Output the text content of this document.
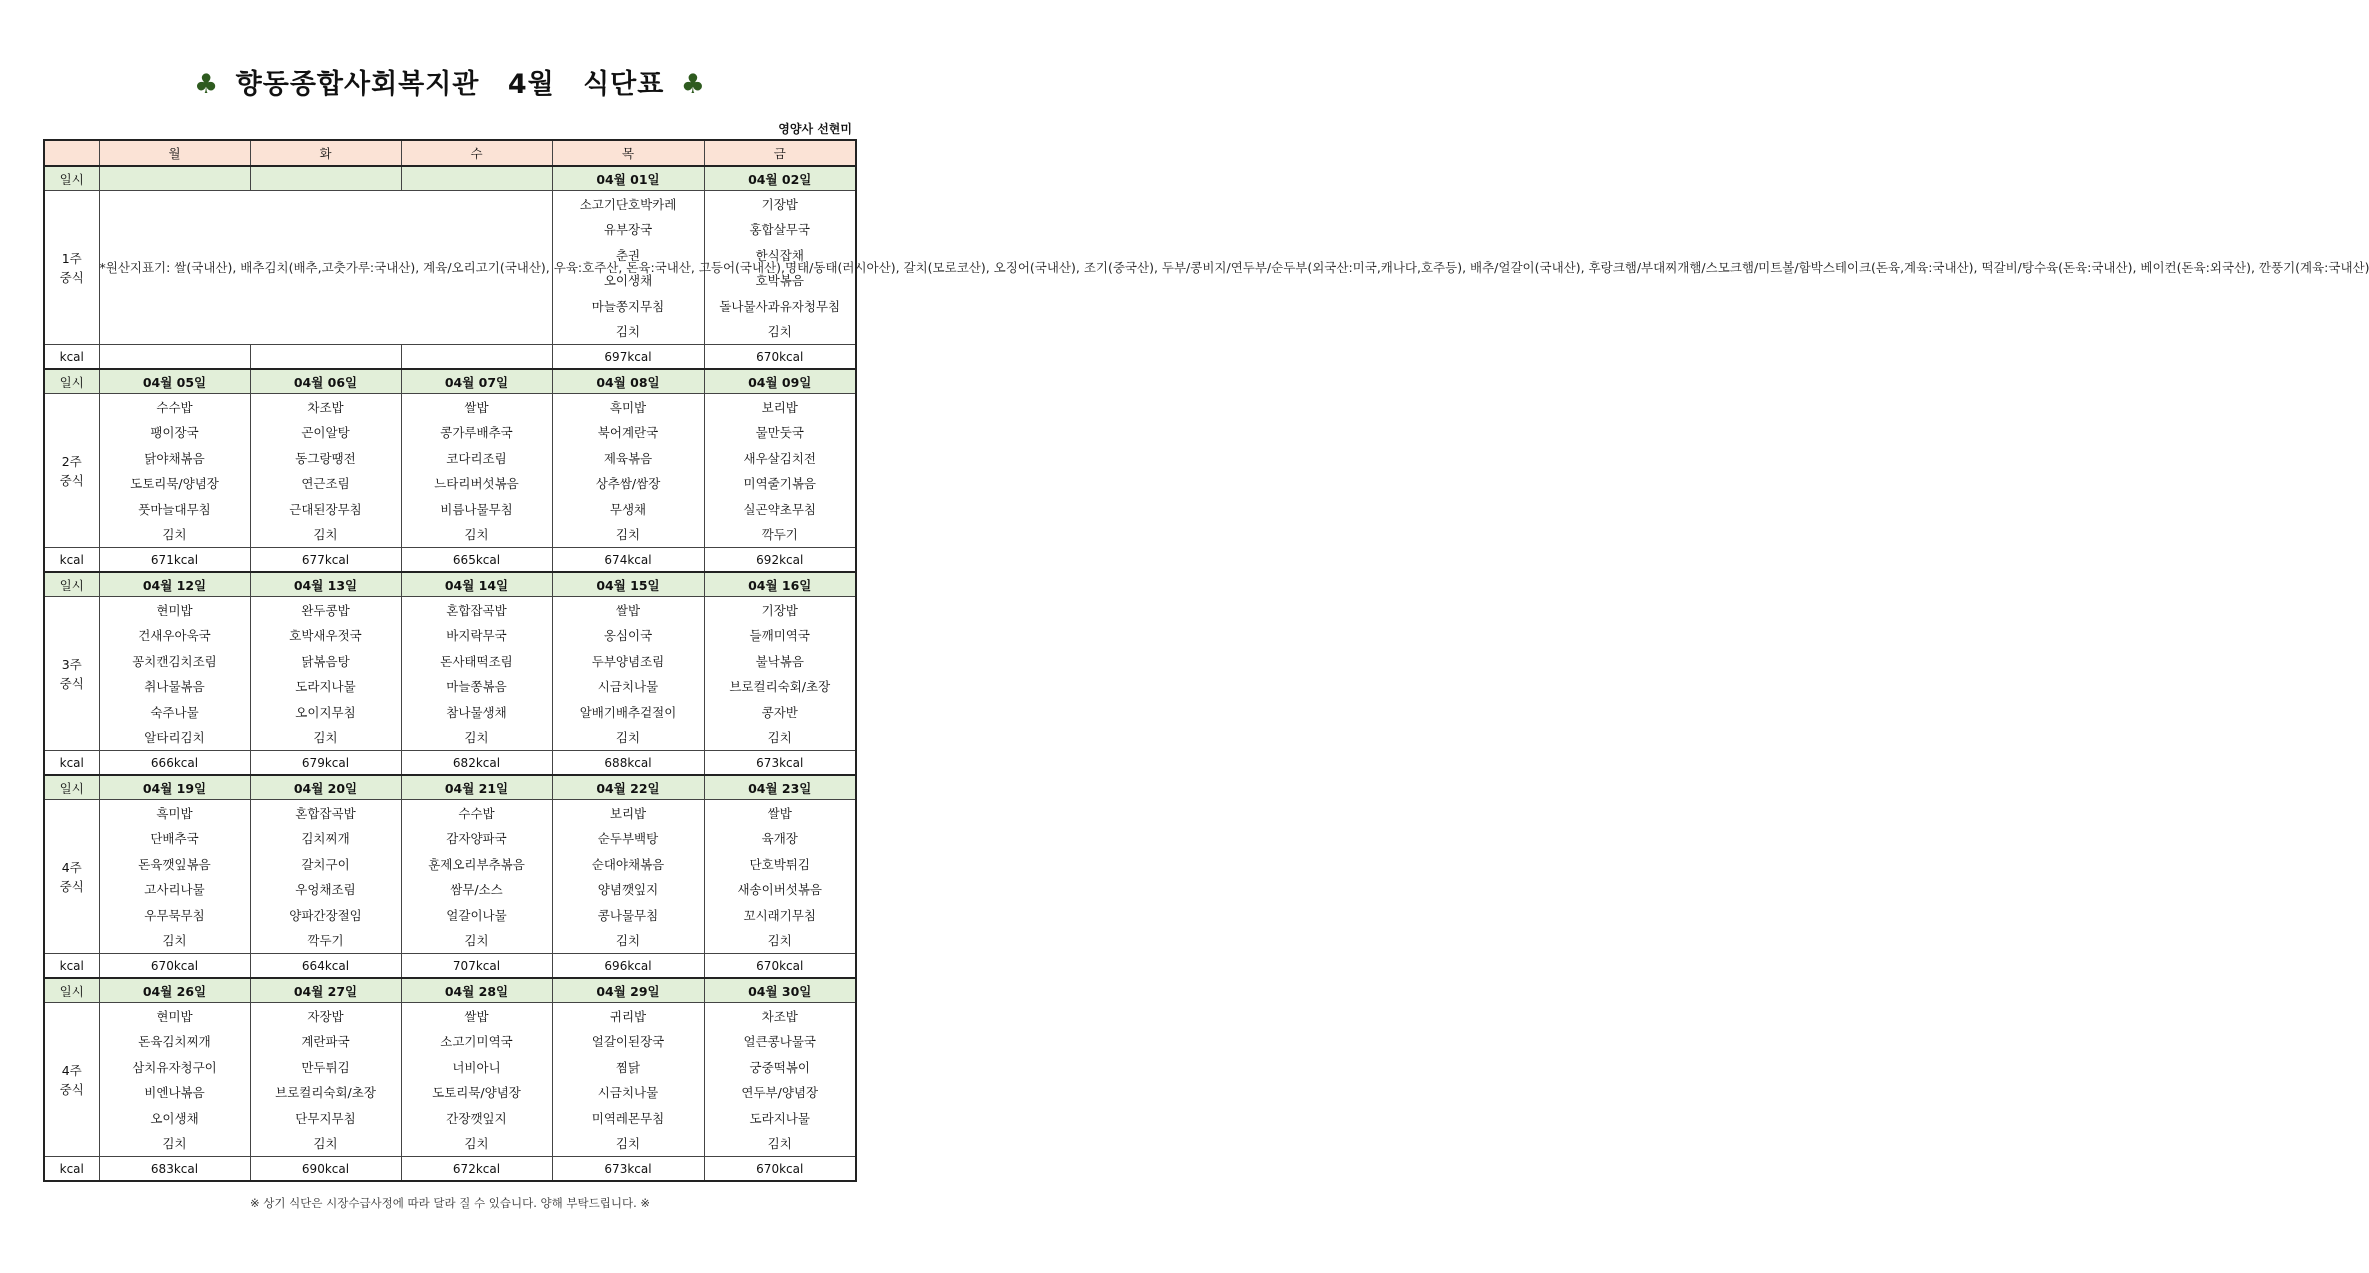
♣ 향동종합사회복지관 4월 식단표 ♣
영양사 선현미
	월	화	수	목	금
일시				04월 01일	04월 02일

1주
중식	*원산지표기: 쌀(국내산), 배추김치(배추,고춧가루:국내산), 계육/오리고기(국내산), 우육:호주산, 돈육:국내산, 고등어(국내산),명태/동태(러시아산), 갈치(모로코산), 오징어(국내산), 조기(중국산), 두부/콩비지/연두부/순두부(외국산:미국,캐나다,호주등), 배추/얼갈이(국내산), 후랑크햄/부대찌개햄/스모크햄/미트볼/함박스테이크(돈육,계육:국내산), 떡갈비/탕수육(돈육:국내산), 베이컨(돈육:외국산), 깐풍기(계육:국내산)			소고기단호박카레	기장밥
				유부장국	홍합살무국
				춘권	한식잡채
				오이생채	호박볶음
				마늘쫑지무침	돌나물사과유자청무침
				김치	김치
kcal				697kcal	670kcal
일시	04월 05일	04월 06일	04월 07일	04월 08일	04월 09일

2주
중식	수수밥	차조밥	쌀밥	흑미밥	보리밥
	팽이장국	곤이알탕	콩가루배추국	북어계란국	물만둣국
	닭야채볶음	동그랑땡전	코다리조림	제육볶음	새우살김치전
	도토리묵/양념장	연근조림	느타리버섯볶음	상추쌈/쌈장	미역줄기볶음
	풋마늘대무침	근대된장무침	비름나물무침	무생채	실곤약초무침
	김치	김치	김치	김치	깍두기
kcal	671kcal	677kcal	665kcal	674kcal	692kcal
일시	04월 12일	04월 13일	04월 14일	04월 15일	04월 16일

3주
중식	현미밥	완두콩밥	혼합잡곡밥	쌀밥	기장밥
	건새우아욱국	호박새우젓국	바지락무국	옹심이국	들깨미역국
	꽁치캔김치조림	닭볶음탕	돈사태떡조림	두부양념조림	불낙볶음
	취나물볶음	도라지나물	마늘쫑볶음	시금치나물	브로컬리숙회/초장
	숙주나물	오이지무침	참나물생채	알배기배추겉절이	콩자반
	알타리김치	김치	김치	김치	김치
kcal	666kcal	679kcal	682kcal	688kcal	673kcal
일시	04월 19일	04월 20일	04월 21일	04월 22일	04월 23일

4주
중식	흑미밥	혼합잡곡밥	수수밥	보리밥	쌀밥
	단배추국	김치찌개	감자양파국	순두부백탕	육개장
	돈육깻잎볶음	갈치구이	훈제오리부추볶음	순대야채볶음	단호박튀김
	고사리나물	우엉채조림	쌈무/소스	양념깻잎지	새송이버섯볶음
	우무묵무침	양파간장절임	얼갈이나물	콩나물무침	꼬시래기무침
	김치	깍두기	김치	김치	김치
kcal	670kcal	664kcal	707kcal	696kcal	670kcal
일시	04월 26일	04월 27일	04월 28일	04월 29일	04월 30일

4주
중식	현미밥	자장밥	쌀밥	귀리밥	차조밥
	돈육김치찌개	계란파국	소고기미역국	얼갈이된장국	얼큰콩나물국
	삼치유자청구이	만두튀김	너비아니	찜닭	궁중떡볶이
	비엔나볶음	브로컬리숙회/초장	도토리묵/양념장	시금치나물	연두부/양념장
	오이생채	단무지무침	간장깻잎지	미역레몬무침	도라지나물
	김치	김치	김치	김치	김치
kcal	683kcal	690kcal	672kcal	673kcal	670kcal
※ 상기 식단은 시장수급사정에 따라 달라 질 수 있습니다. 양해 부탁드립니다. ※
